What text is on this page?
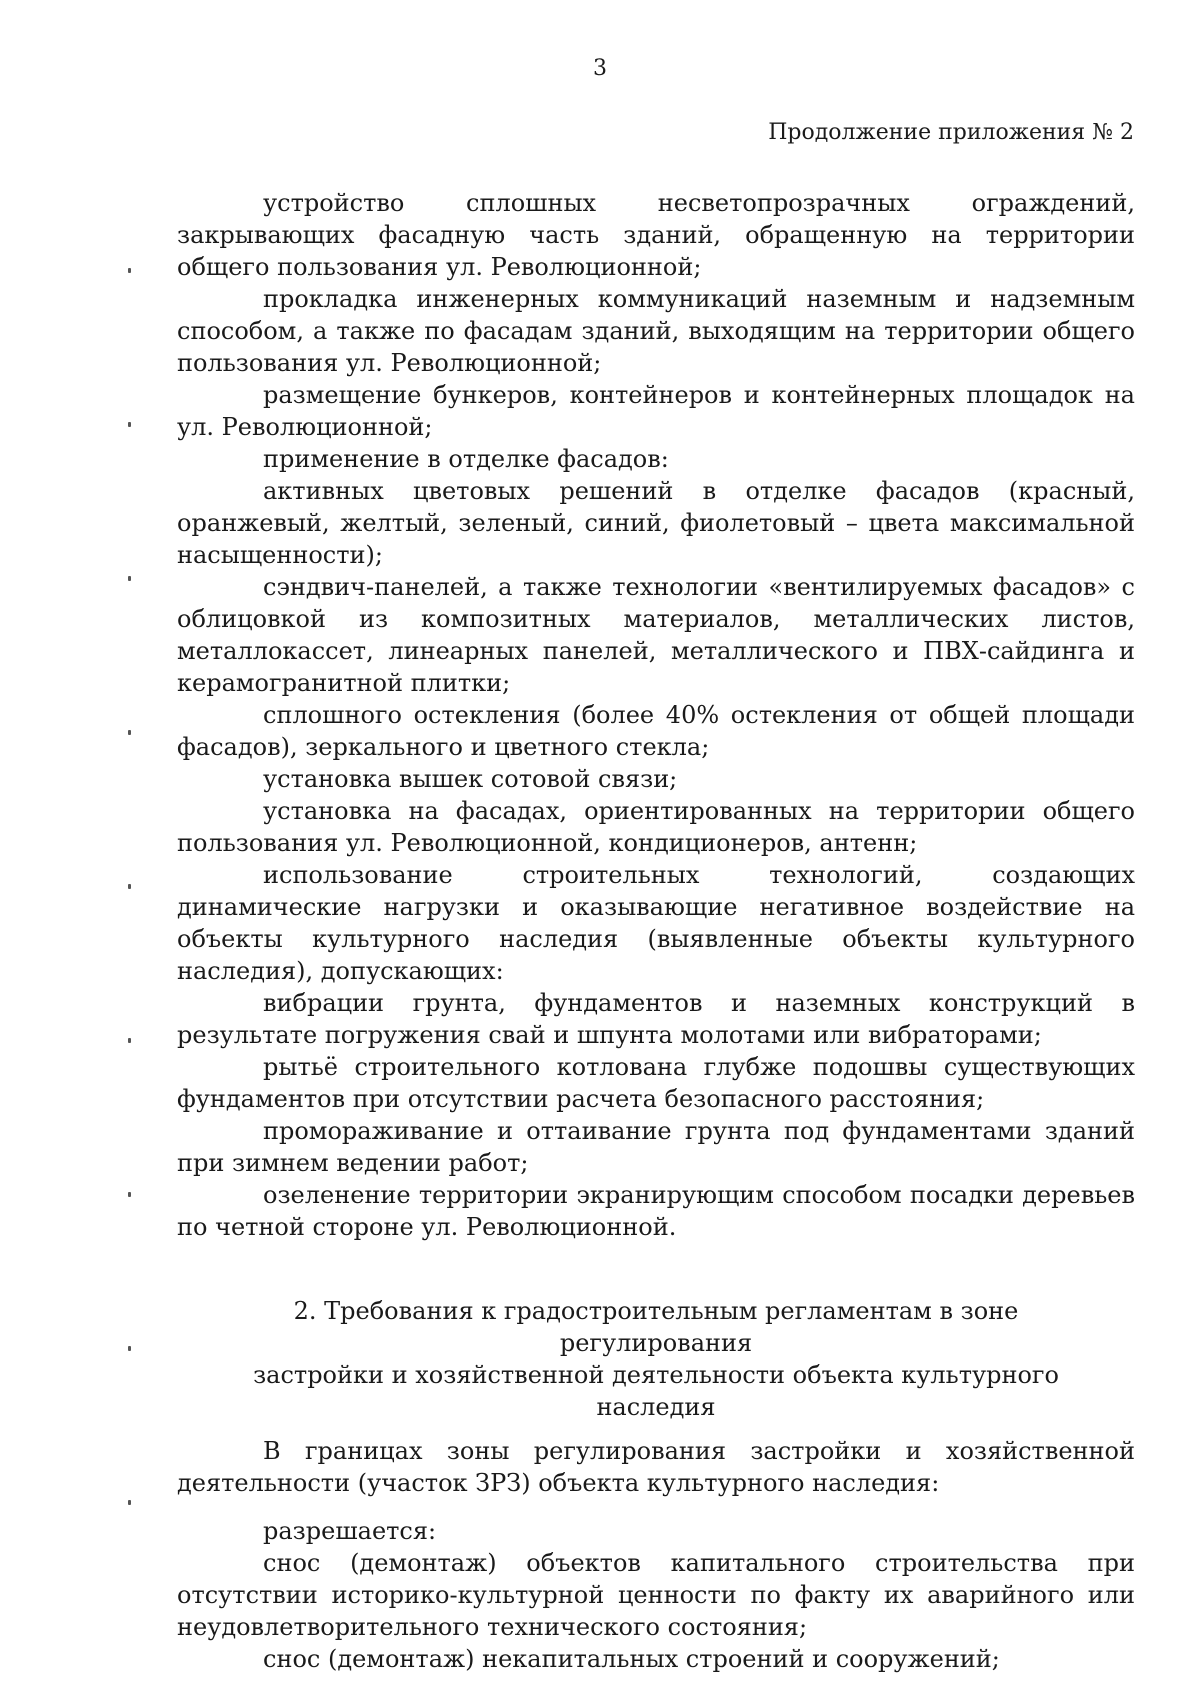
3
Продолжение приложения № 2

устройство сплошных несветопрозрачных ограждений, закрывающих фасадную часть зданий, обращенную на территории общего пользования ул. Революционной;

прокладка инженерных коммуникаций наземным и надземным способом, а также по фасадам зданий, выходящим на территории общего пользования ул. Революционной;

размещение бункеров, контейнеров и контейнерных площадок на ул. Революционной;

применение в отделке фасадов:

активных цветовых решений в отделке фасадов (красный, оранжевый, желтый, зеленый, синий, фиолетовый – цвета максимальной насыщенности);

сэндвич-панелей, а также технологии «вентилируемых фасадов» с облицовкой из композитных материалов, металлических листов, металлокассет, линеарных панелей, металлического и ПВХ-сайдинга и керамогранитной плитки;

сплошного остекления (более 40% остекления от общей площади фасадов), зеркального и цветного стекла;

установка вышек сотовой связи;

установка на фасадах, ориентированных на территории общего пользования ул. Революционной, кондиционеров, антенн;

использование строительных технологий, создающих динамические нагрузки и оказывающие негативное воздействие на объекты культурного наследия (выявленные объекты культурного наследия), допускающих:

вибрации грунта, фундаментов и наземных конструкций в результате погружения свай и шпунта молотами или вибраторами;

рытьё строительного котлована глубже подошвы существующих фундаментов при отсутствии расчета безопасного расстояния;

промораживание и оттаивание грунта под фундаментами зданий при зимнем ведении работ;

озеленение территории экранирующим способом посадки деревьев по четной стороне ул. Революционной.

2. Требования к градостроительным регламентам в зоне регулирования
застройки и хозяйственной деятельности объекта культурного наследия

В границах зоны регулирования застройки и хозяйственной деятельности (участок ЗРЗ) объекта культурного наследия:

разрешается:

снос (демонтаж) объектов капитального строительства при отсутствии историко-культурной ценности по факту их аварийного или неудовлетворительного технического состояния;

снос (демонтаж) некапитальных строений и сооружений;
